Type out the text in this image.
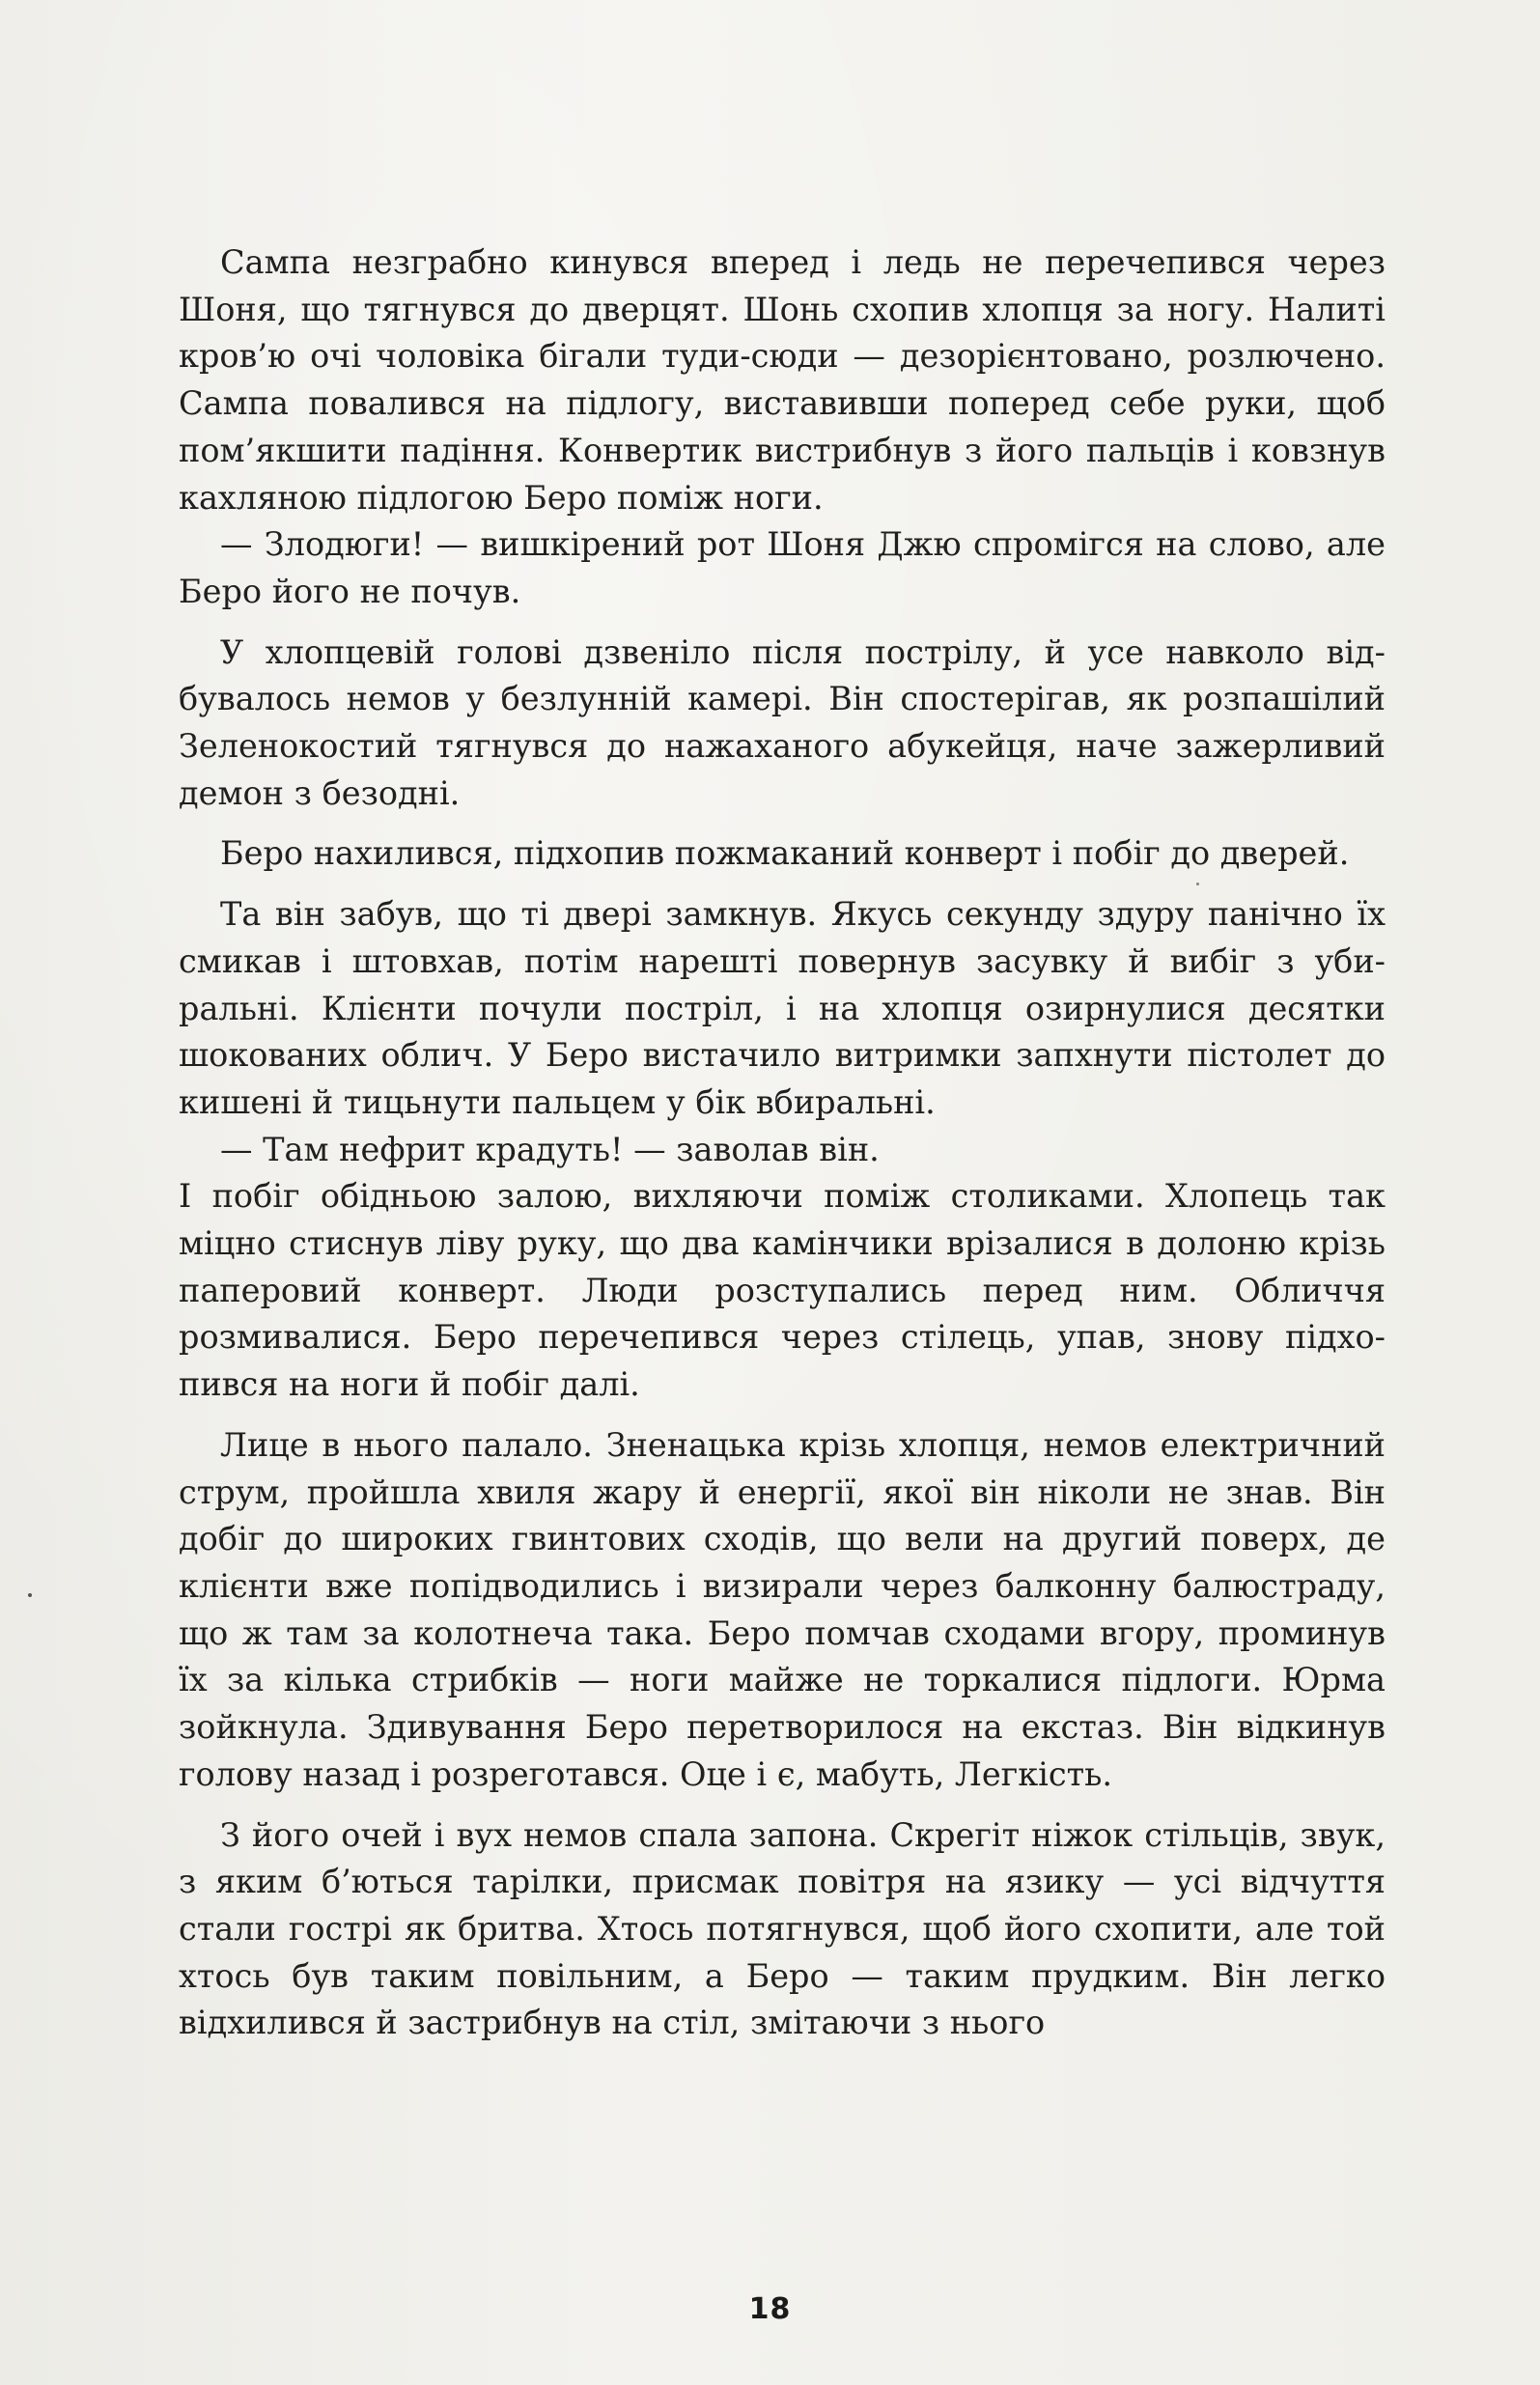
Сампа незграбно кинувся вперед і ледь не перечепився через Шоня, що тягнувся до дверцят. Шонь схопив хлопця за ногу. Налиті кров’ю очі чоловіка бігали туди-сюди — дезорієнтовано, розлючено. Сампа повалився на підлогу, виставивши поперед себе руки, щоб пом’якшити падіння. Конвертик вистрибнув з його пальців і ковзнув кахляною підлогою Беро поміж ноги.

— Злодюги! — вишкірений рот Шоня Джю спромігся на слово, але Беро його не почув.

У хлопцевій голові дзвеніло після пострілу, й усе навколо відбувалось немов у безлунній камері. Він спостерігав, як розпашілий Зеленокостий тягнувся до нажаханого абукейця, наче зажерливий демон з безодні.

Беро нахилився, підхопив пожмаканий конверт і побіг до дверей.

Та він забув, що ті двері замкнув. Якусь секунду здуру панічно їх смикав і штовхав, потім нарешті повернув засувку й вибіг з убиральні. Клієнти почули постріл, і на хлопця озирнулися десятки шокованих облич. У Беро вистачило витримки запхнути пістолет до кишені й тицьнути пальцем у бік вбиральні.

— Там нефрит крадуть! — заволав він.

І побіг обідньою залою, вихляючи поміж столиками. Хлопець так міцно стиснув ліву руку, що два камінчики врізалися в долоню крізь паперовий конверт. Люди розступались перед ним. Обличчя розмивалися. Беро перечепився через стілець, упав, знову підхопився на ноги й побіг далі.

Лице в нього палало. Зненацька крізь хлопця, немов електричний струм, пройшла хвиля жару й енергії, якої він ніколи не знав. Він добіг до широких гвинтових сходів, що вели на другий поверх, де клієнти вже попідводились і визирали через балконну балюстраду, що ж там за колотнеча така. Беро помчав сходами вгору, проминув їх за кілька стрибків — ноги майже не торкалися підлоги. Юрма зойкнула. Здивування Беро перетворилося на екстаз. Він відкинув голову назад і розреготався. Оце і є, мабуть, Легкість.

З його очей і вух немов спала запона. Скрегіт ніжок стільців, звук, з яким б’ються тарілки, присмак повітря на язику — усі відчуття стали гострі як бритва. Хтось потягнувся, щоб його схопити, але той хтось був таким повільним, а Беро — таким прудким. Він легко відхилився й застрибнув на стіл, змітаючи з нього

18
